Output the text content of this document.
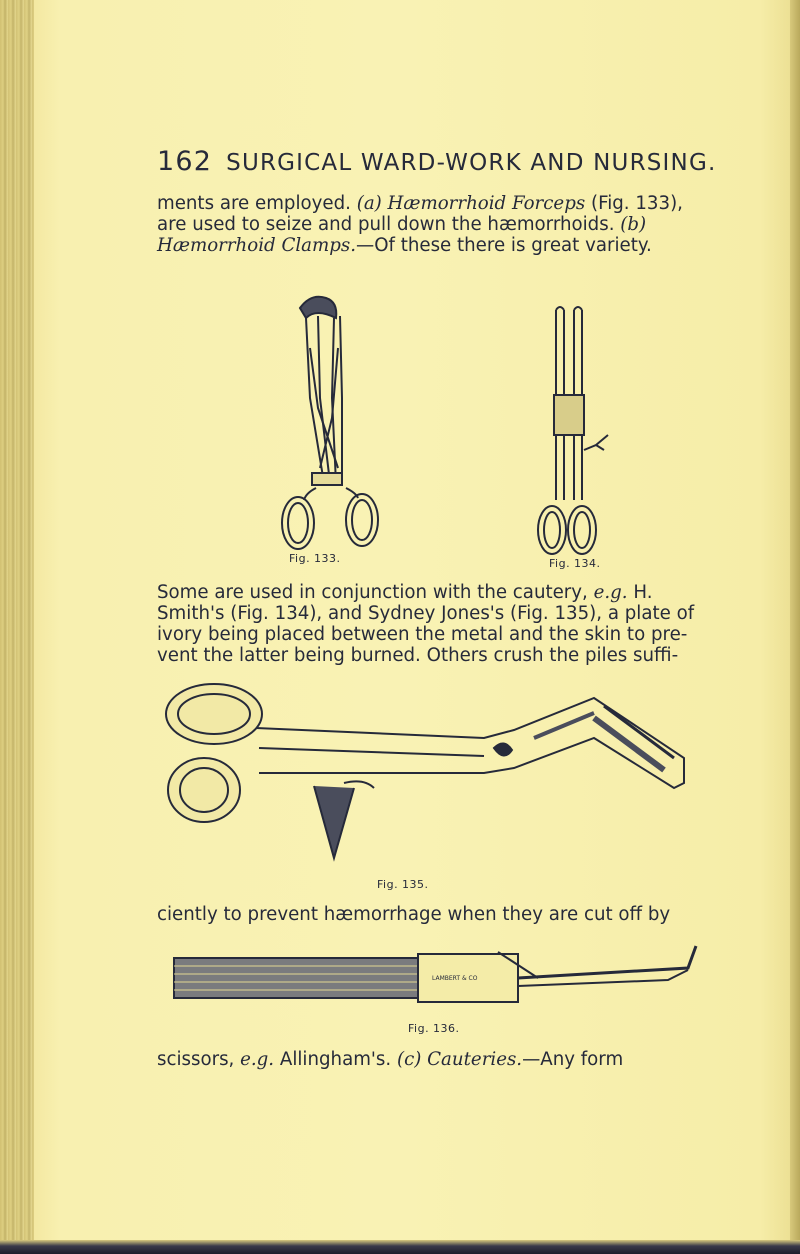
162 SURGICAL WARD-WORK AND NURSING.
ments are employed. (a) Hæmorrhoid Forceps (Fig. 133),
are used to seize and pull down the hæmorrhoids. (b)
Hæmorrhoid Clamps.—Of these there is great variety.
Fig. 133.	Fig. 134.
Some are used in conjunction with the cautery, e.g. H.
Smith's (Fig. 134), and Sydney Jones's (Fig. 135), a plate of
ivory being placed between the metal and the skin to pre-
vent the latter being burned. Others crush the piles suffi-
Fig. 135.
ciently to prevent hæmorrhage when they are cut off by
LAMBERT & CO
Fig. 136.
scissors, e.g. Allingham's. (c) Cauteries.—Any form
